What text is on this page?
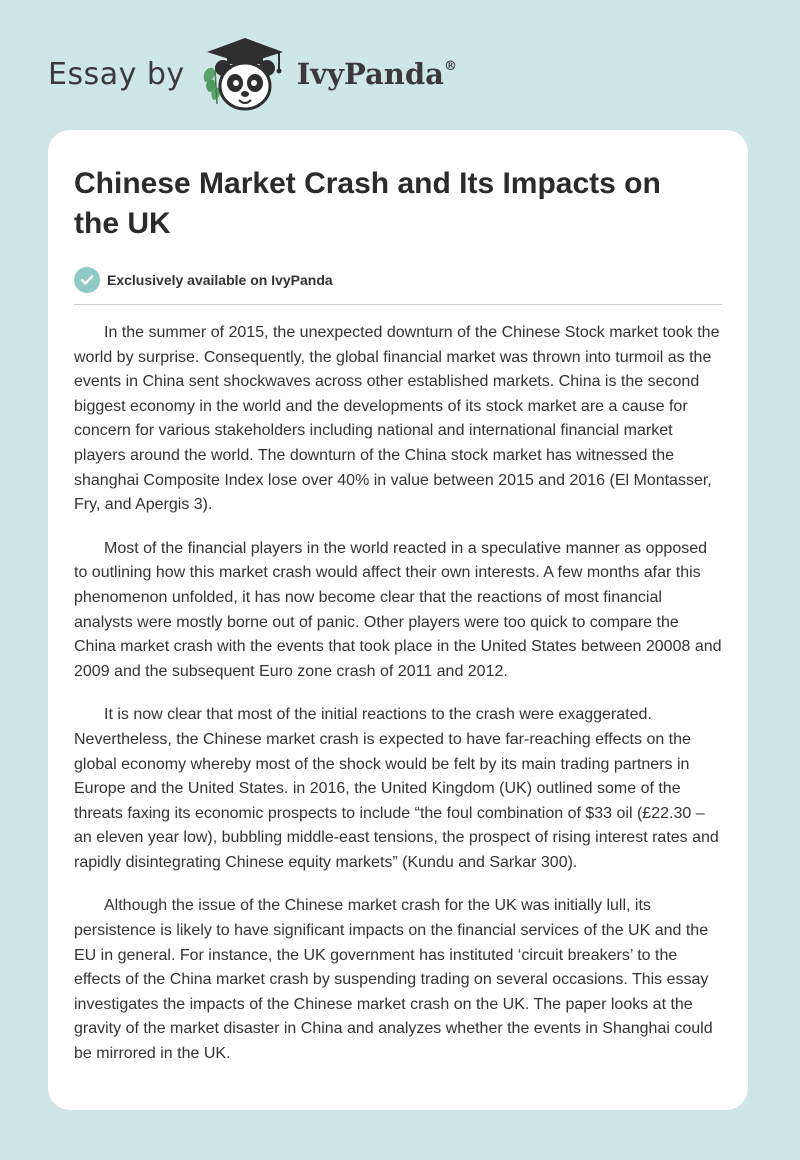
Essay by	IvyPanda®
Chinese Market Crash and Its Impacts on the UK
Exclusively available on IvyPanda

In the summer of 2015, the unexpected downturn of the Chinese Stock market took the world by surprise. Consequently, the global financial market was thrown into turmoil as the events in China sent shockwaves across other established markets. China is the second biggest economy in the world and the developments of its stock market are a cause for concern for various stakeholders including national and international financial market players around the world. The downturn of the China stock market has witnessed the shanghai Composite Index lose over 40% in value between 2015 and 2016 (El Montasser, Fry, and Apergis 3).

Most of the financial players in the world reacted in a speculative manner as opposed to outlining how this market crash would affect their own interests. A few months afar this phenomenon unfolded, it has now become clear that the reactions of most financial analysts were mostly borne out of panic. Other players were too quick to compare the China market crash with the events that took place in the United States between 20008 and 2009 and the subsequent Euro zone crash of 2011 and 2012.

It is now clear that most of the initial reactions to the crash were exaggerated. Nevertheless, the Chinese market crash is expected to have far-reaching effects on the global economy whereby most of the shock would be felt by its main trading partners in Europe and the United States. in 2016, the United Kingdom (UK) outlined some of the threats faxing its economic prospects to include “the foul combination of $33 oil (£22.30 – an eleven year low), bubbling middle-east tensions, the prospect of rising interest rates and rapidly disintegrating Chinese equity markets” (Kundu and Sarkar 300).

Although the issue of the Chinese market crash for the UK was initially lull, its persistence is likely to have significant impacts on the financial services of the UK and the EU in general. For instance, the UK government has instituted ‘circuit breakers’ to the effects of the China market crash by suspending trading on several occasions. This essay investigates the impacts of the Chinese market crash on the UK. The paper looks at the gravity of the market disaster in China and analyzes whether the events in Shanghai could be mirrored in the UK.
